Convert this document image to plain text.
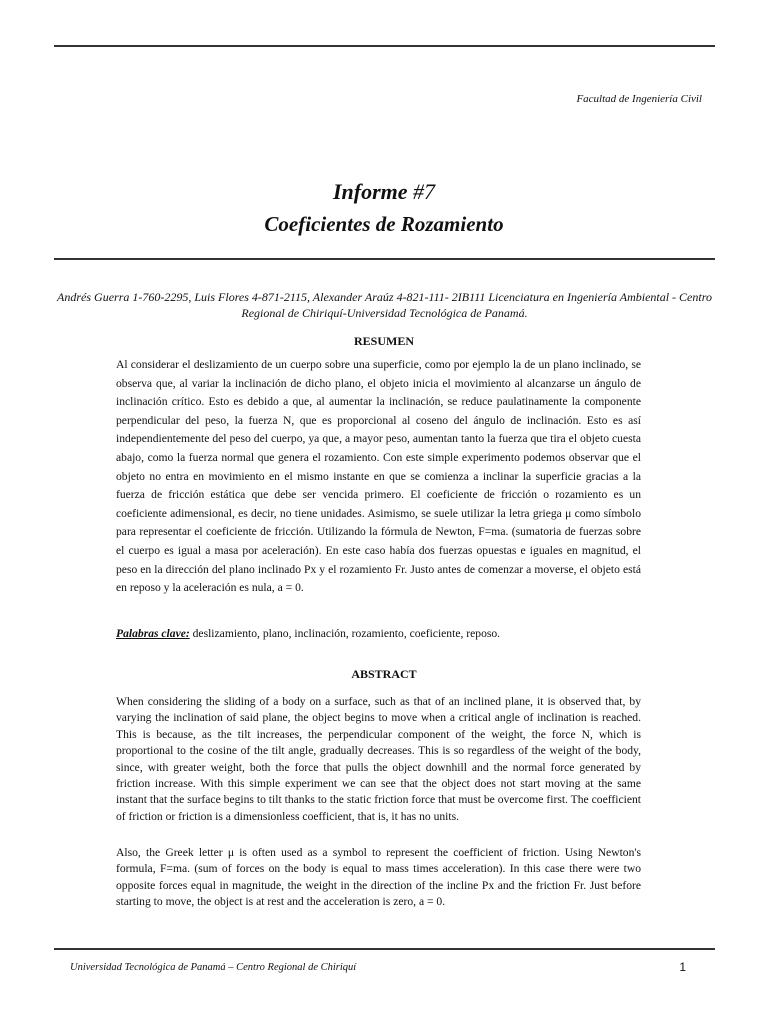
Facultad de Ingeniería Civil

Informe #7
Coeficientes de Rozamiento

Andrés Guerra 1-760-2295, Luis Flores 4-871-2115, Alexander Araúz 4-821-111- 2IB111 Licenciatura en Ingeniería Ambiental - Centro Regional de Chiriquí-Universidad Tecnológica de Panamá.

RESUMEN

Al considerar el deslizamiento de un cuerpo sobre una superficie, como por ejemplo la de un plano inclinado, se observa que, al variar la inclinación de dicho plano, el objeto inicia el movimiento al alcanzarse un ángulo de inclinación crítico. Esto es debido a que, al aumentar la inclinación, se reduce paulatinamente la componente perpendicular del peso, la fuerza N, que es proporcional al coseno del ángulo de inclinación. Esto es así independientemente del peso del cuerpo, ya que, a mayor peso, aumentan tanto la fuerza que tira el objeto cuesta abajo, como la fuerza normal que genera el rozamiento. Con este simple experimento podemos observar que el objeto no entra en movimiento en el mismo instante en que se comienza a inclinar la superficie gracias a la fuerza de fricción estática que debe ser vencida primero. El coeficiente de fricción o rozamiento es un coeficiente adimensional, es decir, no tiene unidades. Asimismo, se suele utilizar la letra griega μ como símbolo para representar el coeficiente de fricción. Utilizando la fórmula de Newton, F=ma. (sumatoria de fuerzas sobre el cuerpo es igual a masa por aceleración). En este caso había dos fuerzas opuestas e iguales en magnitud, el peso en la dirección del plano inclinado Px y el rozamiento Fr. Justo antes de comenzar a moverse, el objeto está en reposo y la aceleración es nula, a = 0.

Palabras clave: deslizamiento, plano, inclinación, rozamiento, coeficiente, reposo.

ABSTRACT

When considering the sliding of a body on a surface, such as that of an inclined plane, it is observed that, by varying the inclination of said plane, the object begins to move when a critical angle of inclination is reached. This is because, as the tilt increases, the perpendicular component of the weight, the force N, which is proportional to the cosine of the tilt angle, gradually decreases. This is so regardless of the weight of the body, since, with greater weight, both the force that pulls the object downhill and the normal force generated by friction increase. With this simple experiment we can see that the object does not start moving at the same instant that the surface begins to tilt thanks to the static friction force that must be overcome first. The coefficient of friction or friction is a dimensionless coefficient, that is, it has no units.

Also, the Greek letter μ is often used as a symbol to represent the coefficient of friction. Using Newton's formula, F=ma. (sum of forces on the body is equal to mass times acceleration). In this case there were two opposite forces equal in magnitude, the weight in the direction of the incline Px and the friction Fr. Just before starting to move, the object is at rest and the acceleration is zero, a = 0.

Universidad Tecnológica de Panamá – Centro Regional de Chiriquí	1
